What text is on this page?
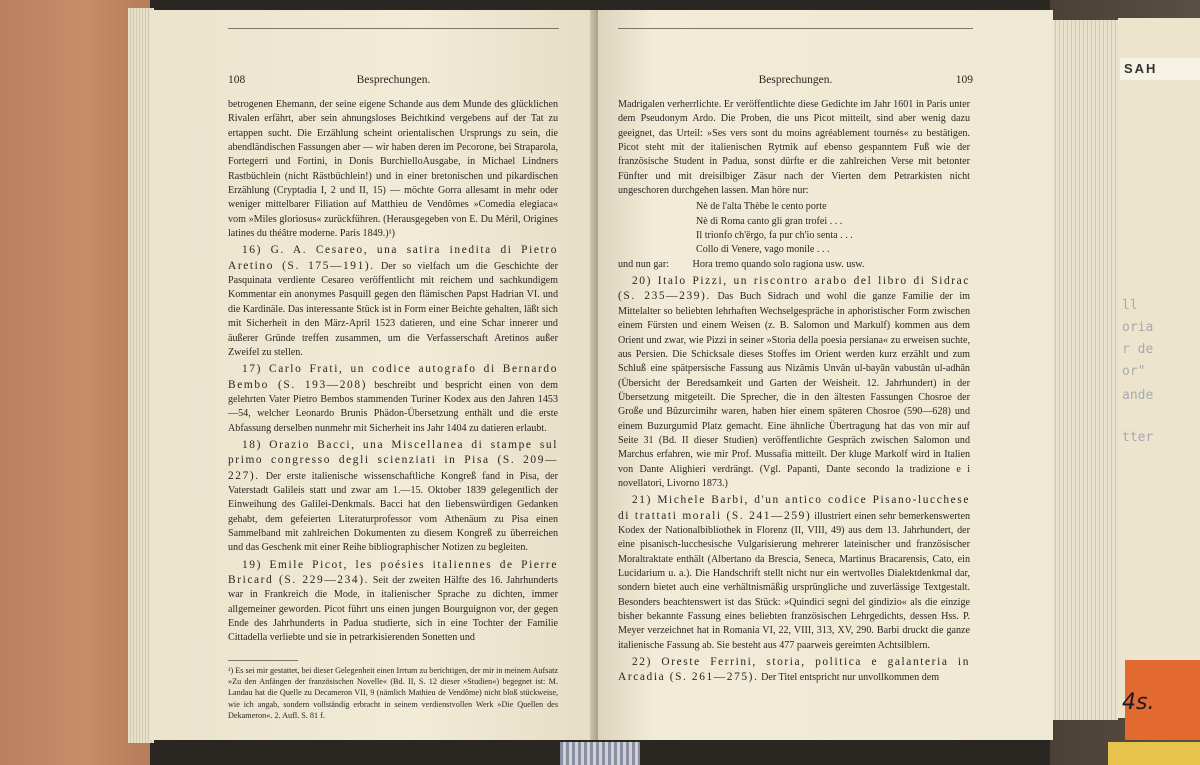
SAH
ll
oria
r de
or"
ande
tter
4s.
108	Besprechungen.

betrogenen Ehemann, der seine eigene Schande aus dem Munde des glücklichen Rivalen erfährt, aber sein ahnungsloses Beichtkind vergebens auf der Tat zu ertappen sucht. Die Erzählung scheint orientalischen Ursprungs zu sein, die abendländischen Fassungen aber — wir haben deren im Pecorone, bei Straparola, Fortegerri und Fortini, in Donis BurchielloAusgabe, in Michael Lindners Rastbüchlein (nicht Rästbüchlein!) und in einer bretonischen und pikardischen Erzählung (Cryptadia I, 2 und II, 15) — möchte Gorra allesamt in mehr oder weniger mittelbarer Filiation auf Matthieu de Vendômes »Comedia elegiaca« vom »Miles gloriosus« zurückführen. (Herausgegeben von E. Du Méril, Origines latines du théâtre moderne. Paris 1849.)¹)

16) G. A. Cesareo, una satira inedita di Pietro Aretino (S. 175—191). Der so vielfach um die Geschichte der Pasquinata verdiente Cesareo veröffentlicht mit reichem und sachkundigem Kommentar ein anonymes Pasquill gegen den flämischen Papst Hadrian VI. und die Kardinäle. Das interessante Stück ist in Form einer Beichte gehalten, läßt sich mit Sicherheit in den März-April 1523 datieren, und eine Schar innerer und äußerer Gründe treffen zusammen, um die Verfasserschaft Aretinos außer Zweifel zu stellen.

17) Carlo Frati, un codice autografo di Bernardo Bembo (S. 193—208) beschreibt und bespricht einen von dem gelehrten Vater Pietro Bembos stammenden Turiner Kodex aus den Jahren 1453—54, welcher Leonardo Brunis Phädon-Übersetzung enthält und die erste Abfassung derselben nunmehr mit Sicherheit ins Jahr 1404 zu datieren erlaubt.

18) Orazio Bacci, una Miscellanea di stampe sul primo congresso degli scienziati in Pisa (S. 209—227). Der erste italienische wissenschaftliche Kongreß fand in Pisa, der Vaterstadt Galileis statt und zwar am 1.—15. Oktober 1839 gelegentlich der Einweihung des Galilei-Denkmals. Bacci hat den liebenswürdigen Gedanken gehabt, dem gefeierten Literaturprofessor vom Athenäum zu Pisa einen Sammelband mit zahlreichen Dokumenten zu diesem Kongreß zu überreichen und das Geschenk mit einer Reihe bibliographischer Notizen zu begleiten.

19) Emile Picot, les poésies italiennes de Pierre Bricard (S. 229—234). Seit der zweiten Hälfte des 16. Jahrhunderts war in Frankreich die Mode, in italienischer Sprache zu dichten, immer allgemeiner geworden. Picot führt uns einen jungen Bourguignon vor, der gegen Ende des Jahrhunderts in Padua studierte, sich in eine Tochter der Familie Cittadella verliebte und sie in petrarkisierenden Sonetten und

¹) Es sei mir gestattet, bei dieser Gelegenheit einen Irrtum zu berichtigen, der mir in meinem Aufsatz »Zu den Anfängen der französischen Novelle« (Bd. II, S. 12 dieser »Studien«) begegnet ist: M. Landau hat die Quelle zu Decameron VII, 9 (nämlich Mathieu de Vendôme) nicht bloß stückweise, wie ich angab, sondern vollständig erbracht in seinem verdienstvollen Werk »Die Quellen des Dekameron«. 2. Aufl. S. 81 f.

Besprechungen.	109

Madrigalen verherrlichte. Er veröffentlichte diese Gedichte im Jahr 1601 in Paris unter dem Pseudonym Ardo. Die Proben, die uns Picot mitteilt, sind aber wenig dazu geeignet, das Urteil: »Ses vers sont du moins agréablement tournés« zu bestätigen. Picot steht mit der italienischen Rytmik auf ebenso gespanntem Fuß wie der französische Student in Padua, sonst dürfte er die zahlreichen Verse mit betonter Fünfter und mit dreisilbiger Zäsur nach der Vierten dem Petrarkisten nicht ungeschoren durchgehen lassen. Man höre nur:

Nè de l'alta Thèbe le cento porte
Nè di Roma canto gli gran trofei . . .
Il trionfo ch'ērgo, fa pur ch'io senta . . .
Collo di Venere, vago monile . . .
und nun gar: Hora tremo quando solo ragiona usw. usw.

20) Italo Pizzi, un riscontro arabo del libro di Sidrac (S. 235—239). Das Buch Sidrach und wohl die ganze Familie der im Mittelalter so beliebten lehrhaften Wechselgespräche in aphoristischer Form zwischen einem Fürsten und einem Weisen (z. B. Salomon und Markulf) kommen aus dem Orient und zwar, wie Pizzi in seiner »Storia della poesia persiana« zu erweisen suchte, aus Persien. Die Schicksale dieses Stoffes im Orient werden kurz erzählt und zum Schluß eine spätpersische Fassung aus Nizâmis Unvân ul-bayân vabustân ul-adhân (Übersicht der Beredsamkeit und Garten der Weisheit. 12. Jahrhundert) in der Übersetzung mitgeteilt. Die Sprecher, die in den ältesten Fassungen Chosroe der Große und Bûzurcimihr waren, haben hier einem späteren Chosroe (590—628) und einem Buzurgumid Platz gemacht. Eine ähnliche Übertragung hat das von mir auf Seite 31 (Bd. II dieser Studien) veröffentlichte Gespräch zwischen Salomon und Marchus erfahren, wie mir Prof. Mussafia mitteilt. Der kluge Markolf wird in Italien von Dante Alighieri verdrängt. (Vgl. Papanti, Dante secondo la tradizione e i novellatori, Livorno 1873.)

21) Michele Barbi, d'un antico codice Pisano-lucchese di trattati morali (S. 241—259) illustriert einen sehr bemerkenswerten Kodex der Nationalbibliothek in Florenz (II, VIII, 49) aus dem 13. Jahrhundert, der eine pisanisch-lucchesische Vulgarisierung mehrerer lateinischer und französischer Moraltraktate enthält (Albertano da Brescia, Seneca, Martinus Bracarensis, Cato, ein Lucidarium u. a.). Die Handschrift stellt nicht nur ein wertvolles Dialektdenkmal dar, sondern bietet auch eine verhältnismäßig ursprüngliche und zuverlässige Textgestalt. Besonders beachtenswert ist das Stück: »Quindici segni del gindizio« als die einzige bisher bekannte Fassung eines beliebten französischen Lehrgedichts, dessen Hss. P. Meyer verzeichnet hat in Romania VI, 22, VIII, 313, XV, 290. Barbi druckt die ganze italienische Fassung ab. Sie besteht aus 477 paarweis gereimten Achtsilblern.

22) Oreste Ferrini, storia, politica e galanteria in Arcadia (S. 261—275). Der Titel entspricht nur unvollkommen dem
